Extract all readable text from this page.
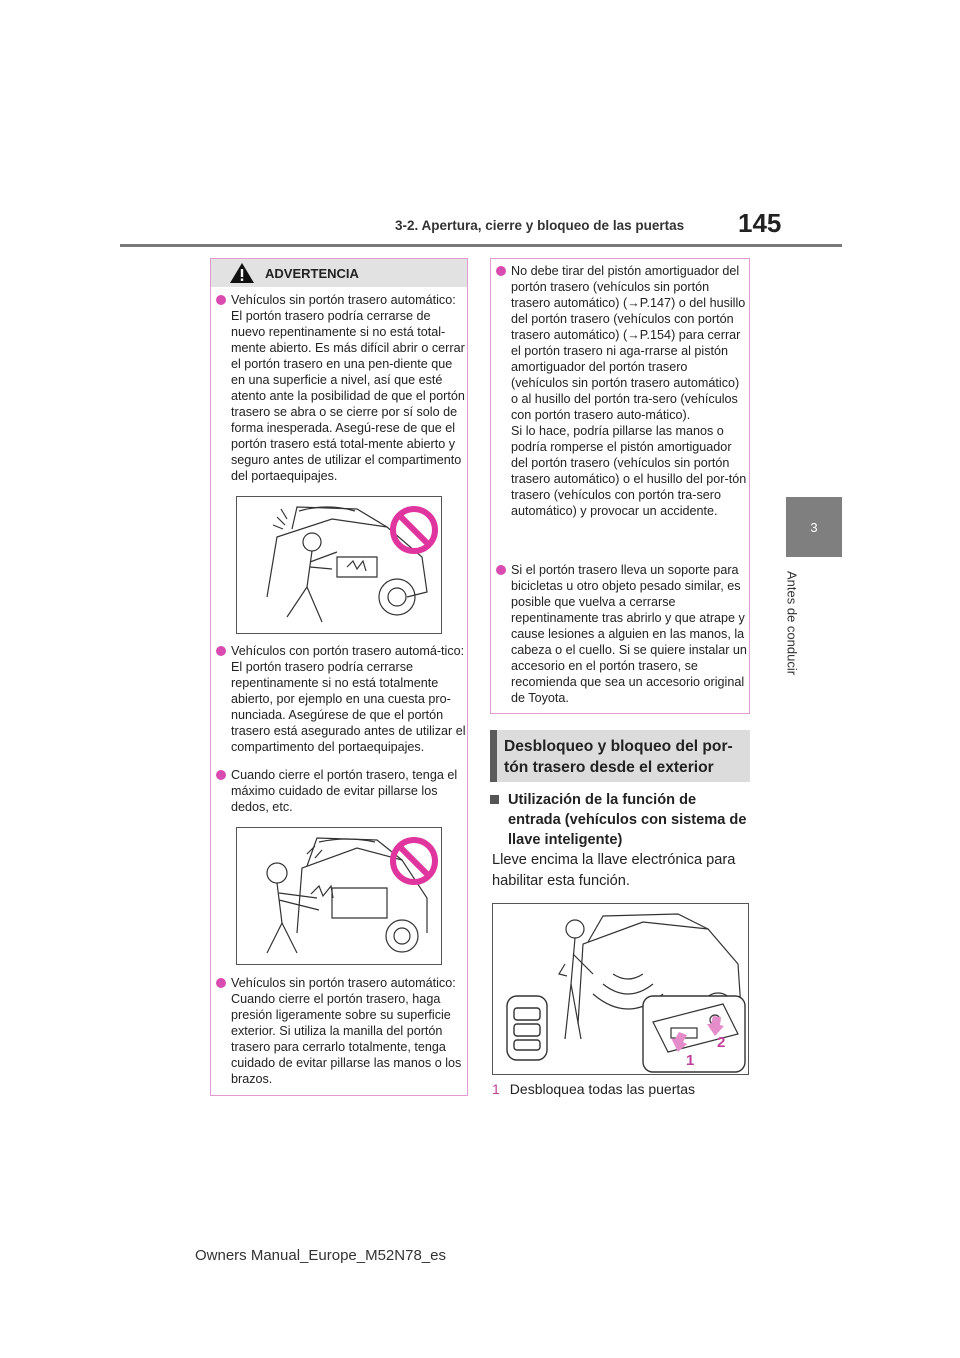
3-2. Apertura, cierre y bloqueo de las puertas 145
3
Antes de conducir
ADVERTENCIA
Vehículos sin portón trasero automático: El portón trasero podría cerrarse de nuevo repentinamente si no está total-mente abierto. Es más difícil abrir o cerrar el portón trasero en una pen-diente que en una superficie a nivel, así que esté atento ante la posibilidad de que el portón trasero se abra o se cierre por sí solo de forma inesperada. Asegú-rese de que el portón trasero está total-mente abierto y seguro antes de utilizar el compartimento del portaequipajes.
Vehículos con portón trasero automá-tico: El portón trasero podría cerrarse repentinamente si no está totalmente abierto, por ejemplo en una cuesta pro-nunciada. Asegúrese de que el portón trasero está asegurado antes de utilizar el compartimento del portaequipajes.
Cuando cierre el portón trasero, tenga el máximo cuidado de evitar pillarse los dedos, etc.
Vehículos sin portón trasero automático: Cuando cierre el portón trasero, haga presión ligeramente sobre su superficie exterior. Si utiliza la manilla del portón trasero para cerrarlo totalmente, tenga cuidado de evitar pillarse las manos o los brazos.
No debe tirar del pistón amortiguador del portón trasero (vehículos sin portón trasero automático) (→P.147) o del husillo del portón trasero (vehículos con portón trasero automático) (→P.154) para cerrar el portón trasero ni aga-rrarse al pistón amortiguador del portón trasero (vehículos sin portón trasero automático) o al husillo del portón tra-sero (vehículos con portón trasero auto-mático).
Si lo hace, podría pillarse las manos o podría romperse el pistón amortiguador del portón trasero (vehículos sin portón trasero automático) o el husillo del por-tón trasero (vehículos con portón tra-sero automático) y provocar un accidente.
Si el portón trasero lleva un soporte para bicicletas u otro objeto pesado similar, es posible que vuelva a cerrarse repentinamente tras abrirlo y que atrape y cause lesiones a alguien en las manos, la cabeza o el cuello. Si se quiere instalar un accesorio en el portón trasero, se recomienda que sea un accesorio original de Toyota.
Desbloqueo y bloqueo del por-
tón trasero desde el exterior
Utilización de la función de
entrada (vehículos con sistema de
llave inteligente)
Lleve encima la llave electrónica para
habilitar esta función.
1
2
1 Desbloquea todas las puertas
Owners Manual_Europe_M52N78_es
